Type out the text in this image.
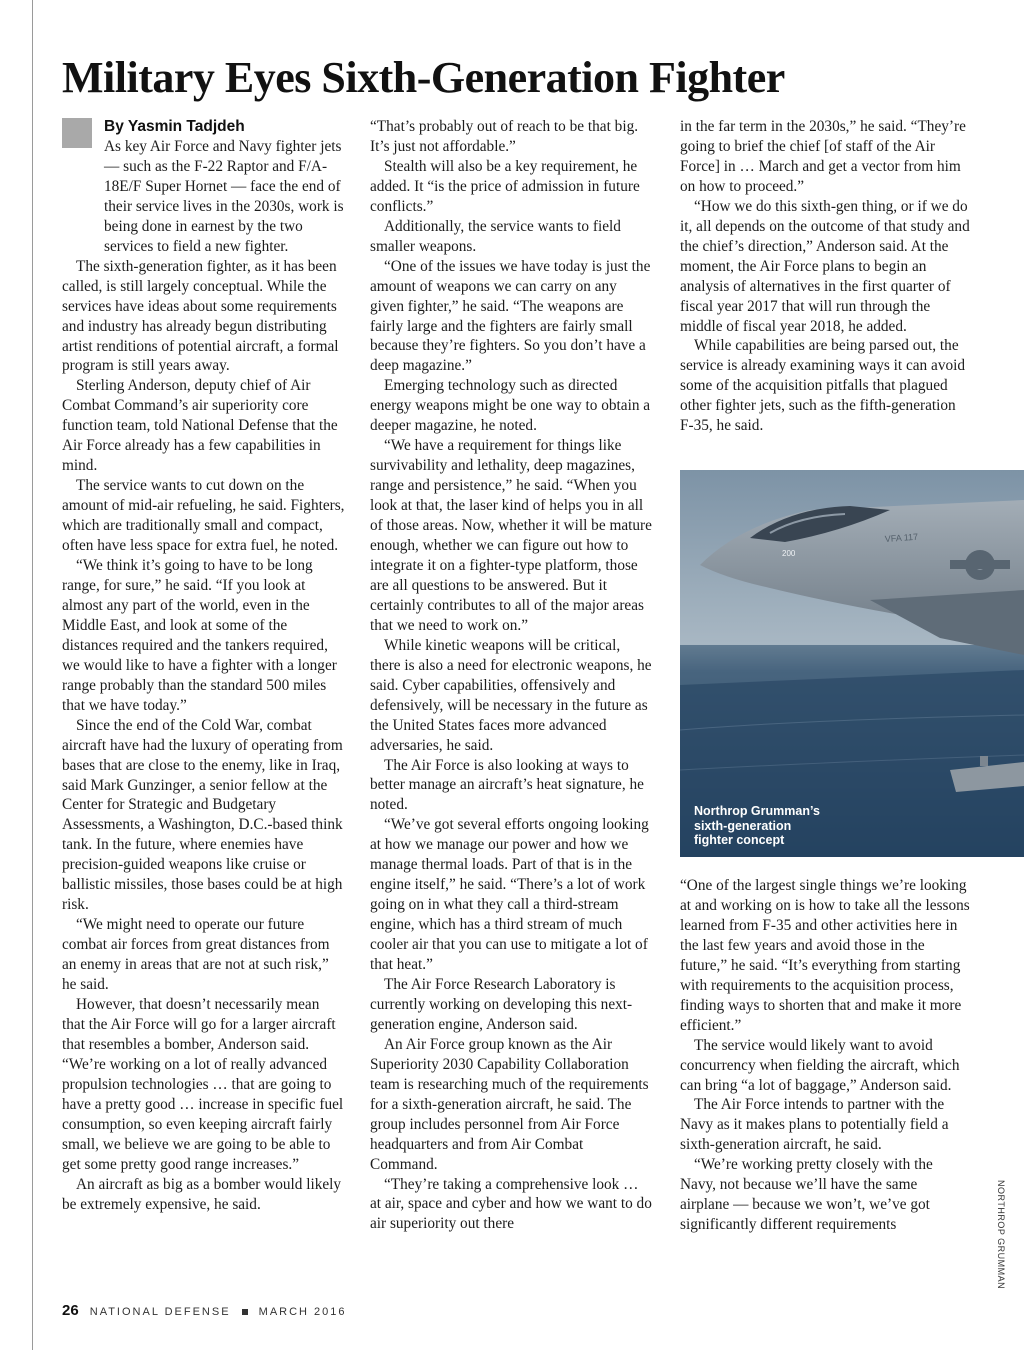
Military Eyes Sixth-Generation Fighter
By Yasmin Tadjdeh

As key Air Force and Navy fighter jets — such as the F-22 Raptor and F/A-18E/F Super Hornet — face the end of their service lives in the 2030s, work is being done in earnest by the two services to field a new fighter.

The sixth-generation fighter, as it has been called, is still largely conceptual. While the services have ideas about some requirements and industry has already begun distributing artist renditions of potential aircraft, a formal program is still years away.

Sterling Anderson, deputy chief of Air Combat Command’s air superiority core function team, told National Defense that the Air Force already has a few capabilities in mind.

The service wants to cut down on the amount of mid-air refueling, he said. Fighters, which are traditionally small and compact, often have less space for extra fuel, he noted.

“We think it’s going to have to be long range, for sure,” he said. “If you look at almost any part of the world, even in the Middle East, and look at some of the distances required and the tankers required, we would like to have a fighter with a longer range probably than the standard 500 miles that we have today.”

Since the end of the Cold War, combat aircraft have had the luxury of operating from bases that are close to the enemy, like in Iraq, said Mark Gunzinger, a senior fellow at the Center for Strategic and Budgetary Assessments, a Washington, D.C.-based think tank. In the future, where enemies have precision-guided weapons like cruise or ballistic missiles, those bases could be at high risk.

“We might need to operate our future combat air forces from great distances from an enemy in areas that are not at such risk,” he said.

However, that doesn’t necessarily mean that the Air Force will go for a larger aircraft that resembles a bomber, Anderson said. “We’re working on a lot of really advanced propulsion technologies … that are going to have a pretty good … increase in specific fuel consumption, so even keeping aircraft fairly small, we believe we are going to be able to get some pretty good range increases.”

An aircraft as big as a bomber would likely be extremely expensive, he said.

“That’s probably out of reach to be that big. It’s just not affordable.”

Stealth will also be a key requirement, he added. It “is the price of admission in future conflicts.”

Additionally, the service wants to field smaller weapons.

“One of the issues we have today is just the amount of weapons we can carry on any given fighter,” he said. “The weapons are fairly large and the fighters are fairly small because they’re fighters. So you don’t have a deep magazine.”

Emerging technology such as directed energy weapons might be one way to obtain a deeper magazine, he noted.

“We have a requirement for things like survivability and lethality, deep magazines, range and persistence,” he said. “When you look at that, the laser kind of helps you in all of those areas. Now, whether it will be mature enough, whether we can figure out how to integrate it on a fighter-type platform, those are all questions to be answered. But it certainly contributes to all of the major areas that we need to work on.”

While kinetic weapons will be critical, there is also a need for electronic weapons, he said. Cyber capabilities, offensively and defensively, will be necessary in the future as the United States faces more advanced adversaries, he said.

The Air Force is also looking at ways to better manage an aircraft’s heat signature, he noted.

“We’ve got several efforts ongoing looking at how we manage our power and how we manage thermal loads. Part of that is in the engine itself,” he said. “There’s a lot of work going on in what they call a third-stream engine, which has a third stream of much cooler air that you can use to mitigate a lot of that heat.”

The Air Force Research Laboratory is currently working on developing this next-generation engine, Anderson said.

An Air Force group known as the Air Superiority 2030 Capability Collaboration team is researching much of the requirements for a sixth-generation aircraft, he said. The group includes personnel from Air Force headquarters and from Air Combat Command.

“They’re taking a comprehensive look … at air, space and cyber and how we want to do air superiority out there

in the far term in the 2030s,” he said. “They’re going to brief the chief [of staff of the Air Force] in … March and get a vector from him on how to proceed.”

“How we do this sixth-gen thing, or if we do it, all depends on the outcome of that study and the chief’s direction,” Anderson said. At the moment, the Air Force plans to begin an analysis of alternatives in the first quarter of fiscal year 2017 that will run through the middle of fiscal year 2018, he added.

While capabilities are being parsed out, the service is already examining ways it can avoid some of the acquisition pitfalls that plagued other fighter jets, such as the fifth-generation F-35, he said.

VFA 117
200

Northrop Grumman’s
sixth-generation
fighter concept

“One of the largest single things we’re looking at and working on is how to take all the lessons learned from F-35 and other activities here in the last few years and avoid those in the future,” he said. “It’s everything from starting with requirements to the acquisition process, finding ways to shorten that and make it more efficient.”

The service would likely want to avoid concurrency when fielding the aircraft, which can bring “a lot of baggage,” Anderson said.

The Air Force intends to partner with the Navy as it makes plans to potentially field a sixth-generation aircraft, he said.

“We’re working pretty closely with the Navy, not because we’ll have the same airplane — because we won’t, we’ve got significantly different requirements	NORTHROP GRUMMAN
26 NATIONAL DEFENSE	MARCH 2016
